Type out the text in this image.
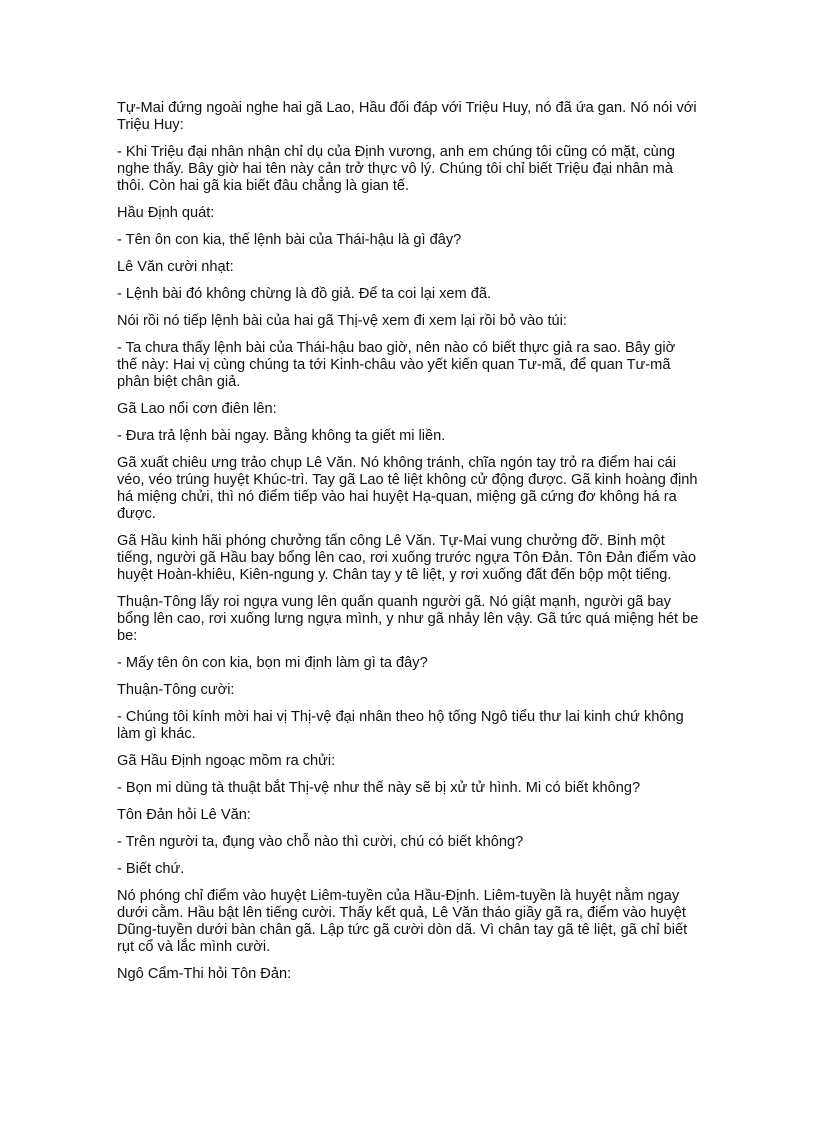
Tự-Mai đứng ngoài nghe hai gã Lao, Hầu đối đáp với Triệu Huy, nó đã ứa gan. Nó nói với Triệu Huy:

- Khi Triệu đại nhân nhận chỉ dụ của Định vương, anh em chúng tôi cũng có mặt, cùng nghe thấy. Bây giờ hai tên này cản trở thực vô lý. Chúng tôi chỉ biết Triệu đại nhân mà thôi. Còn hai gã kia biết đâu chẳng là gian tế.

Hầu Định quát:

- Tên ôn con kia, thế lệnh bài của Thái-hậu là gì đây?

Lê Văn cười nhạt:

- Lệnh bài đó không chừng là đồ giả. Để ta coi lại xem đã.

Nói rồi nó tiếp lệnh bài của hai gã Thị-vệ xem đi xem lại rồi bỏ vào túi:

- Ta chưa thấy lệnh bài của Thái-hậu bao giờ, nên nào có biết thực giả ra sao. Bây giờ thế này: Hai vị cùng chúng ta tới Kinh-châu vào yết kiến quan Tư-mã, để quan Tư-mã phân biệt chân giả.

Gã Lao nổi cơn điên lên:

- Đưa trả lệnh bài ngay. Bằng không ta giết mi liền.

Gã xuất chiêu ưng trảo chụp Lê Văn. Nó không tránh, chĩa ngón tay trỏ ra điểm hai cái véo, véo trúng huyệt Khúc-trì. Tay gã Lao tê liệt không cử động được. Gã kinh hoàng định há miệng chửi, thì nó điểm tiếp vào hai huyệt Hạ-quan, miệng gã cứng đơ không há ra được.

Gã Hầu kinh hãi phóng chưởng tấn công Lê Văn. Tự-Mai vung chưởng đỡ. Binh một tiếng, người gã Hầu bay bổng lên cao, rơi xuống trước ngựa Tôn Đản. Tôn Đản điểm vào huyệt Hoàn-khiêu, Kiên-ngung y. Chân tay y tê liệt, y rơi xuống đất đến bộp một tiếng.

Thuận-Tông lấy roi ngựa vung lên quấn quanh người gã. Nó giật mạnh, người gã bay bổng lên cao, rơi xuống lưng ngựa mình, y như gã nhảy lên vậy. Gã tức quá miệng hét be be:

- Mấy tên ôn con kia, bọn mi định làm gì ta đây?

Thuận-Tông cười:

- Chúng tôi kính mời hai vị Thị-vệ đại nhân theo hộ tống Ngô tiểu thư lai kinh chứ không làm gì khác.

Gã Hầu Định ngoạc mồm ra chửi:

- Bọn mi dùng tà thuật bắt Thị-vệ như thế này sẽ bị xử tử hình. Mi có biết không?

Tôn Đản hỏi Lê Văn:

- Trên người ta, đụng vào chỗ nào thì cười, chú có biết không?

- Biết chứ.

Nó phóng chỉ điểm vào huyệt Liêm-tuyền của Hầu-Định. Liêm-tuyền là huyệt nằm ngay dưới cằm. Hầu bật lên tiếng cười. Thấy kết quả, Lê Văn tháo giầy gã ra, điểm vào huyệt Dũng-tuyền dưới bàn chân gã. Lập tức gã cười dòn dã. Vì chân tay gã tê liệt, gã chỉ biết rụt cổ và lắc mình cười.

Ngô Cẩm-Thi hỏi Tôn Đản:
